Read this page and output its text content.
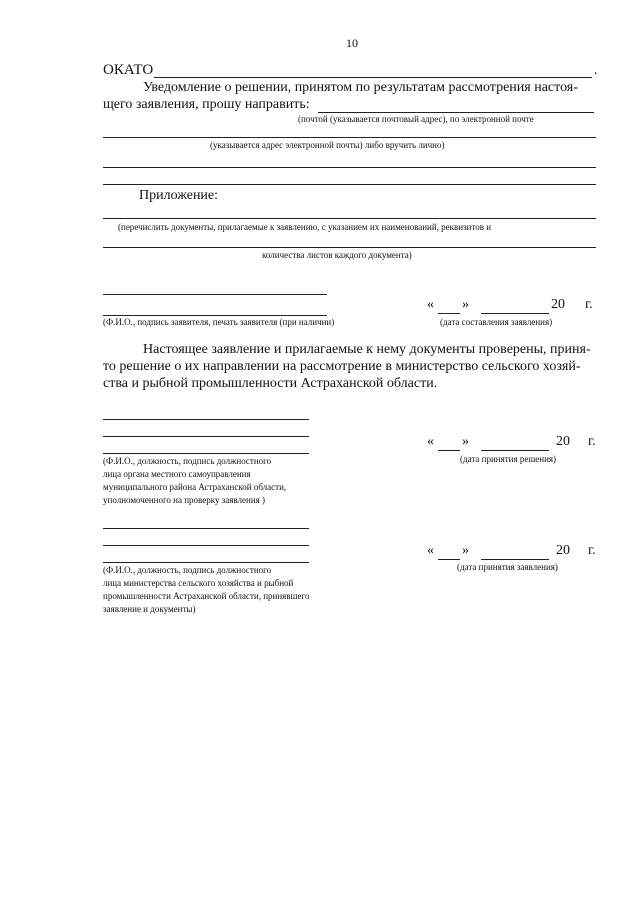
10
ОКАТО	.
Уведомление о решении, принятом по результатам рассмотрения настоя-
щего заявления, прошу направить:
(почтой (указывается почтовый адрес), по электронной почте
(указывается адрес электронной почты) либо вручить лично)
Приложение:
(перечислить документы, прилагаемые к заявлению, с указанием их наименований, реквизитов и
количества листов каждого документа)
(Ф.И.О., подпись заявителя, печать заявителя (при наличии)
« »	20 г.
(дата составления заявления)
Настоящее заявление и прилагаемые к нему документы проверены, приня-
то решение о их направлении на рассмотрение в министерство сельского хозяй-
ства и рыбной промышленности Астраханской области.
(Ф.И.О., должность, подпись должностного
лица органа местного самоуправления
муниципального района Астраханской области,
уполномоченного на проверку заявления )
« »	20 г.
(дата принятия решения)
(Ф.И.О., должность, подпись должностного
лица министерства сельского хозяйства и рыбной
промышленности Астраханской области, принявшего
заявление и документы)
« »	20 г.
(дата принятия заявления)
